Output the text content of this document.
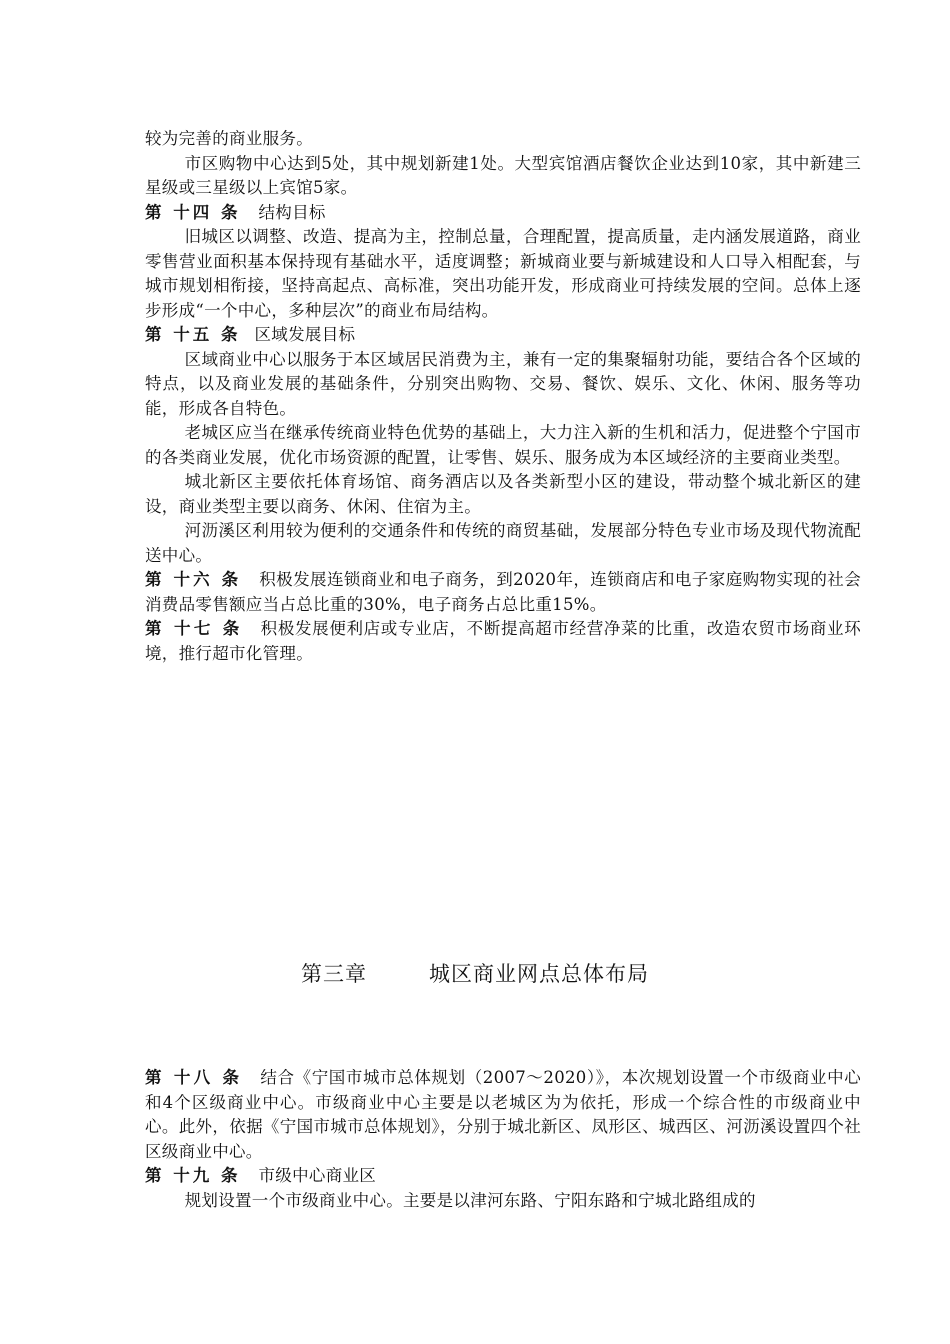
较为完善的商业服务。

市区购物中心达到5处，其中规划新建1处。大型宾馆酒店餐饮企业达到10家，其中新建三星级或三星级以上宾馆5家。

第 十四 条 结构目标

旧城区以调整、改造、提高为主，控制总量，合理配置，提高质量，走内涵发展道路，商业零售营业面积基本保持现有基础水平，适度调整；新城商业要与新城建设和人口导入相配套，与城市规划相衔接，坚持高起点、高标准，突出功能开发，形成商业可持续发展的空间。总体上逐步形成“一个中心，多种层次”的商业布局结构。

第 十五 条 区域发展目标

区域商业中心以服务于本区域居民消费为主，兼有一定的集聚辐射功能，要结合各个区域的特点，以及商业发展的基础条件，分别突出购物、交易、餐饮、娱乐、文化、休闲、服务等功能，形成各自特色。

老城区应当在继承传统商业特色优势的基础上，大力注入新的生机和活力，促进整个宁国市的各类商业发展，优化市场资源的配置，让零售、娱乐、服务成为本区域经济的主要商业类型。

城北新区主要依托体育场馆、商务酒店以及各类新型小区的建设，带动整个城北新区的建设，商业类型主要以商务、休闲、住宿为主。

河沥溪区利用较为便利的交通条件和传统的商贸基础，发展部分特色专业市场及现代物流配送中心。

第 十六 条 积极发展连锁商业和电子商务，到2020年，连锁商店和电子家庭购物实现的社会消费品零售额应当占总比重的30%，电子商务占总比重15%。

第 十七 条 积极发展便利店或专业店，不断提高超市经营净菜的比重，改造农贸市场商业环境，推行超市化管理。

第三章	城区商业网点总体布局

第 十八 条 结合《宁国市城市总体规划（2007～2020）》，本次规划设置一个市级商业中心和4个区级商业中心。市级商业中心主要是以老城区为为依托，形成一个综合性的市级商业中心。此外，依据《宁国市城市总体规划》，分别于城北新区、凤形区、城西区、河沥溪设置四个社区级商业中心。

第 十九 条 市级中心商业区

规划设置一个市级商业中心。主要是以津河东路、宁阳东路和宁城北路组成的
